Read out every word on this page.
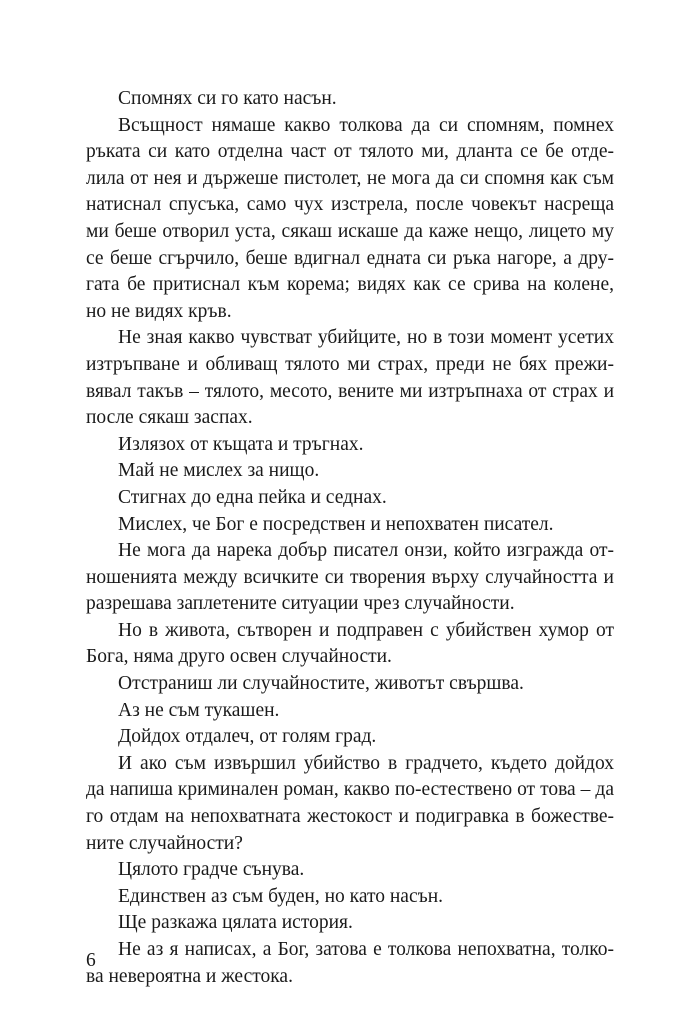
Спомнях си го като насън.
Всъщност нямаше какво толкова да си спомням, помнех
ръката си като отделна част от тялото ми, дланта се бе отде-
лила от нея и държеше пистолет, не мога да си спомня как съм
натиснал спусъка, само чух изстрела, после човекът насреща
ми беше отворил уста, сякаш искаше да каже нещо, лицето му
се беше сгърчило, беше вдигнал едната си ръка нагоре, а дру-
гата бе притиснал към корема; видях как се срива на колене,
но не видях кръв.
Не зная какво чувстват убийците, но в този момент усетих
изтръпване и обливащ тялото ми страх, преди не бях прежи-
вявал такъв – тялото, месото, вените ми изтръпнаха от страх и
после сякаш заспах.
Излязох от къщата и тръгнах.
Май не мислех за нищо.
Стигнах до една пейка и седнах.
Мислех, че Бог е посредствен и непохватен писател.
Не мога да нарека добър писател онзи, който изгражда от-
ношенията между всичките си творения върху случайността и
разрешава заплетените ситуации чрез случайности.
Но в живота, сътворен и подправен с убийствен хумор от
Бога, няма друго освен случайности.
Отстраниш ли случайностите, животът свършва.
Аз не съм тукашен.
Дойдох отдалеч, от голям град.
И ако съм извършил убийство в градчето, където дойдох
да напиша криминален роман, какво по-естествено от това – да
го отдам на непохватната жестокост и подигравка в божестве-
ните случайности?
Цялото градче сънува.
Единствен аз съм буден, но като насън.
Ще разкажа цялата история.
Не аз я написах, а Бог, затова е толкова непохватна, толко-
ва невероятна и жестока.
6
